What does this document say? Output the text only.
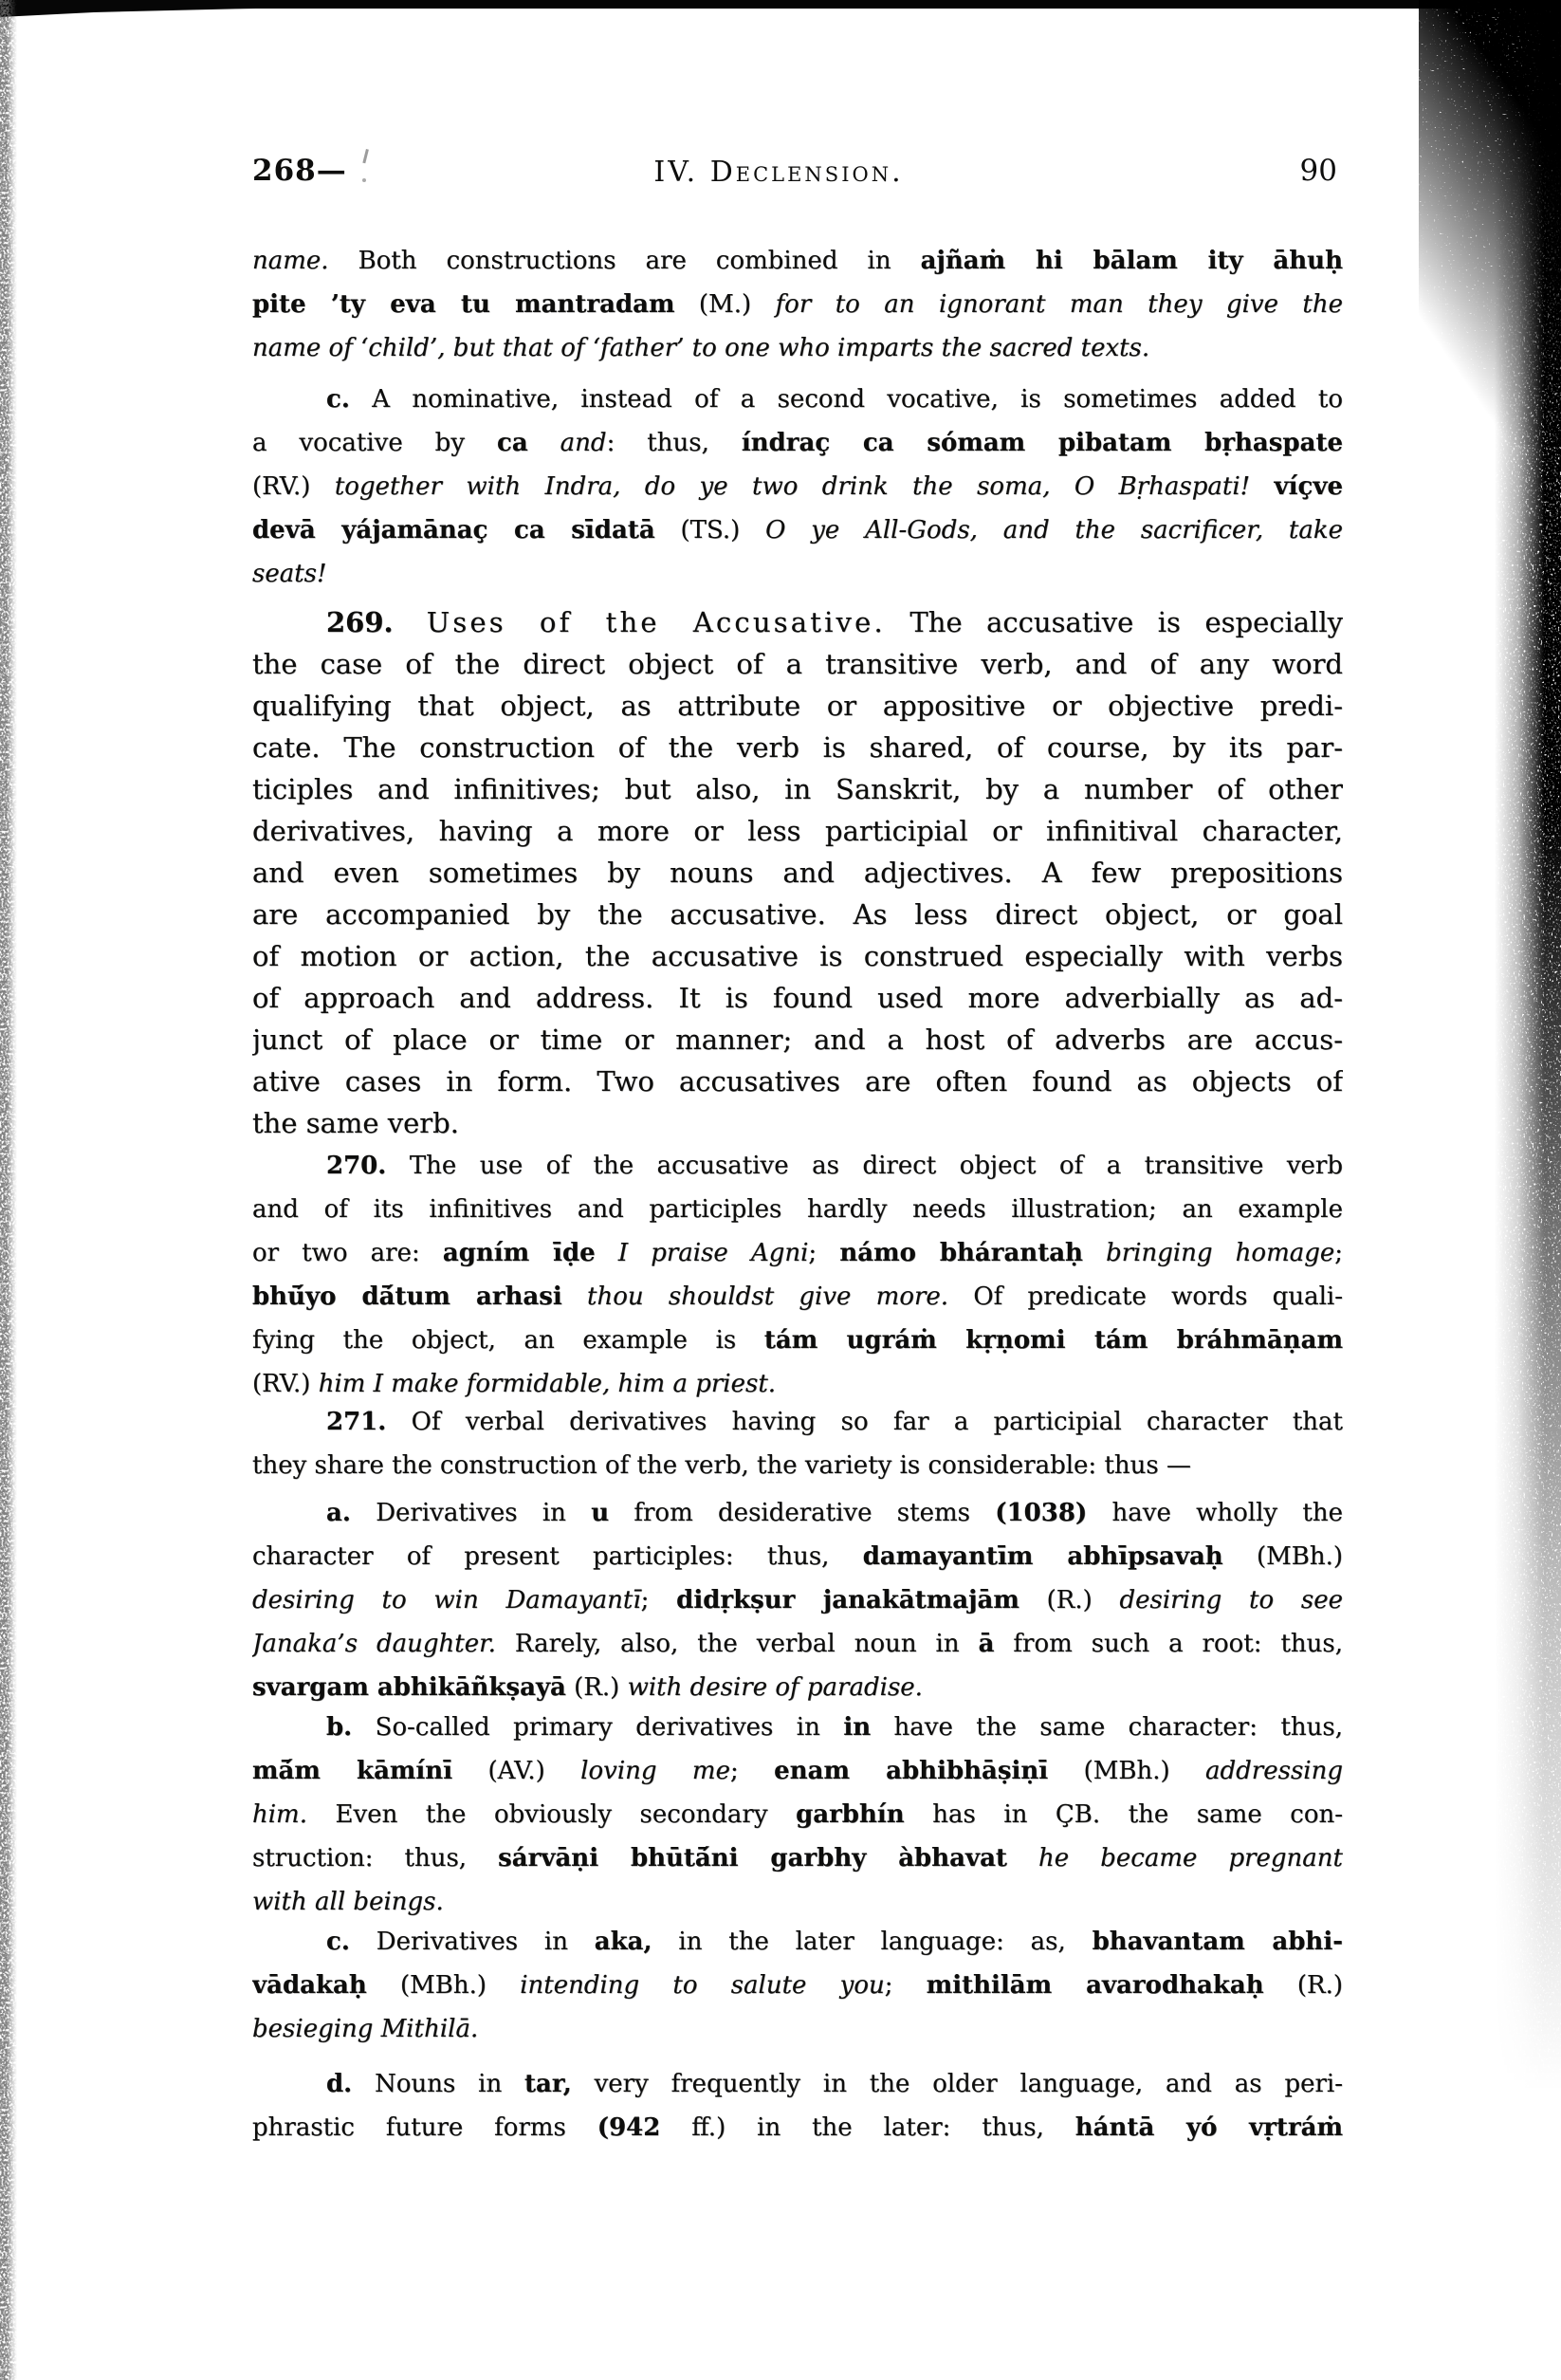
268—	IV. Declension.	90
name. Both constructions are combined in ajñaṁ hi bālam ity āhuḥ
pite ’ty eva tu mantradam (M.) for to an ignorant man they give the
name of ‘child’, but that of ‘father’ to one who imparts the sacred texts.
c. A nominative, instead of a second vocative, is sometimes added to
a vocative by ca and: thus, índraç ca sómam pibatam bṛhaspate
(RV.) together with Indra, do ye two drink the soma, O Bṛhaspati! víçve
devā yájamānaç ca sīdatā (TS.) O ye All-Gods, and the sacrificer, take
seats!
269. Uses of the Accusative. The accusative is especially
the case of the direct object of a transitive verb, and of any word
qualifying that object, as attribute or appositive or objective predi-
cate. The construction of the verb is shared, of course, by its par-
ticiples and infinitives; but also, in Sanskrit, by a number of other
derivatives, having a more or less participial or infinitival character,
and even sometimes by nouns and adjectives. A few prepositions
are accompanied by the accusative. As less direct object, or goal
of motion or action, the accusative is construed especially with verbs
of approach and address. It is found used more adverbially as ad-
junct of place or time or manner; and a host of adverbs are accus-
ative cases in form. Two accusatives are often found as objects of
the same verb.
270. The use of the accusative as direct object of a transitive verb
and of its infinitives and participles hardly needs illustration; an example
or two are: agním īḍe I praise Agni; námo bhárantaḥ bringing homage;
bhū́yo dā́tum arhasi thou shouldst give more. Of predicate words quali-
fying the object, an example is tám ugráṁ kṛṇomi tám bráhmāṇam
(RV.) him I make formidable, him a priest.
271. Of verbal derivatives having so far a participial character that
they share the construction of the verb, the variety is considerable: thus —
a. Derivatives in u from desiderative stems (1038) have wholly the
character of present participles: thus, damayantīm abhīpsavaḥ (MBh.)
desiring to win Damayantī; didṛkṣur janakātmajām (R.) desiring to see
Janaka’s daughter. Rarely, also, the verbal noun in ā from such a root: thus,
svargam abhikāñkṣayā (R.) with desire of paradise.
b. So-called primary derivatives in in have the same character: thus,
mā́m kāmínī (AV.) loving me; enam abhibhāṣiṇī (MBh.) addressing
him. Even the obviously secondary garbhín has in ÇB. the same con-
struction: thus, sárvāṇi bhūtā́ni garbhy àbhavat he became pregnant
with all beings.
c. Derivatives in aka, in the later language: as, bhavantam abhi-
vādakaḥ (MBh.) intending to salute you; mithilām avarodhakaḥ (R.)
besieging Mithilā.
d. Nouns in tar, very frequently in the older language, and as peri-
phrastic future forms (942 ff.) in the later: thus, hántā yó vṛtráṁ
